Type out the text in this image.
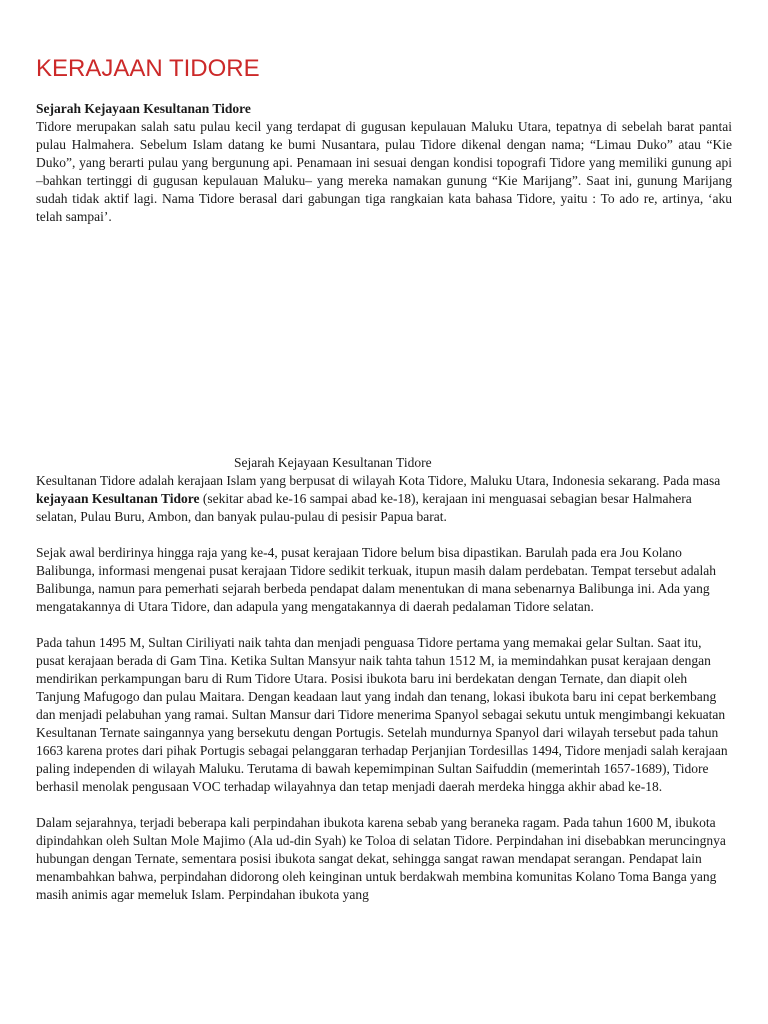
KERAJAAN TIDORE

Sejarah Kejayaan Kesultanan Tidore

Tidore merupakan salah satu pulau kecil yang terdapat di gugusan kepulauan Maluku Utara, tepatnya di sebelah barat pantai pulau Halmahera. Sebelum Islam datang ke bumi Nusantara, pulau Tidore dikenal dengan nama; “Limau Duko” atau “Kie Duko”, yang berarti pulau yang bergunung api. Penamaan ini sesuai dengan kondisi topografi Tidore yang memiliki gunung api –bahkan tertinggi di gugusan kepulauan Maluku– yang mereka namakan gunung “Kie Marijang”. Saat ini, gunung Marijang sudah tidak aktif lagi. Nama Tidore berasal dari gabungan tiga rangkaian kata bahasa Tidore, yaitu : To ado re, artinya, ‘aku telah sampai’.

Sejarah Kejayaan Kesultanan Tidore

Kesultanan Tidore adalah kerajaan Islam yang berpusat di wilayah Kota Tidore, Maluku Utara, Indonesia sekarang. Pada masa kejayaan Kesultanan Tidore (sekitar abad ke-16 sampai abad ke-18), kerajaan ini menguasai sebagian besar Halmahera selatan, Pulau Buru, Ambon, dan banyak pulau-pulau di pesisir Papua barat.

Sejak awal berdirinya hingga raja yang ke-4, pusat kerajaan Tidore belum bisa dipastikan. Barulah pada era Jou Kolano Balibunga, informasi mengenai pusat kerajaan Tidore sedikit terkuak, itupun masih dalam perdebatan. Tempat tersebut adalah Balibunga, namun para pemerhati sejarah berbeda pendapat dalam menentukan di mana sebenarnya Balibunga ini. Ada yang mengatakannya di Utara Tidore, dan adapula yang mengatakannya di daerah pedalaman Tidore selatan.

Pada tahun 1495 M, Sultan Ciriliyati naik tahta dan menjadi penguasa Tidore pertama yang memakai gelar Sultan. Saat itu, pusat kerajaan berada di Gam Tina. Ketika Sultan Mansyur naik tahta tahun 1512 M, ia memindahkan pusat kerajaan dengan mendirikan perkampungan baru di Rum Tidore Utara. Posisi ibukota baru ini berdekatan dengan Ternate, dan diapit oleh Tanjung Mafugogo dan pulau Maitara. Dengan keadaan laut yang indah dan tenang, lokasi ibukota baru ini cepat berkembang dan menjadi pelabuhan yang ramai. Sultan Mansur dari Tidore menerima Spanyol sebagai sekutu untuk mengimbangi kekuatan Kesultanan Ternate saingannya yang bersekutu dengan Portugis. Setelah mundurnya Spanyol dari wilayah tersebut pada tahun 1663 karena protes dari pihak Portugis sebagai pelanggaran terhadap Perjanjian Tordesillas 1494, Tidore menjadi salah kerajaan paling independen di wilayah Maluku. Terutama di bawah kepemimpinan Sultan Saifuddin (memerintah 1657-1689), Tidore berhasil menolak pengusaan VOC terhadap wilayahnya dan tetap menjadi daerah merdeka hingga akhir abad ke-18.

Dalam sejarahnya, terjadi beberapa kali perpindahan ibukota karena sebab yang beraneka ragam. Pada tahun 1600 M, ibukota dipindahkan oleh Sultan Mole Majimo (Ala ud-din Syah) ke Toloa di selatan Tidore. Perpindahan ini disebabkan meruncingnya hubungan dengan Ternate, sementara posisi ibukota sangat dekat, sehingga sangat rawan mendapat serangan. Pendapat lain menambahkan bahwa, perpindahan didorong oleh keinginan untuk berdakwah membina komunitas Kolano Toma Banga yang masih animis agar memeluk Islam. Perpindahan ibukota yang
